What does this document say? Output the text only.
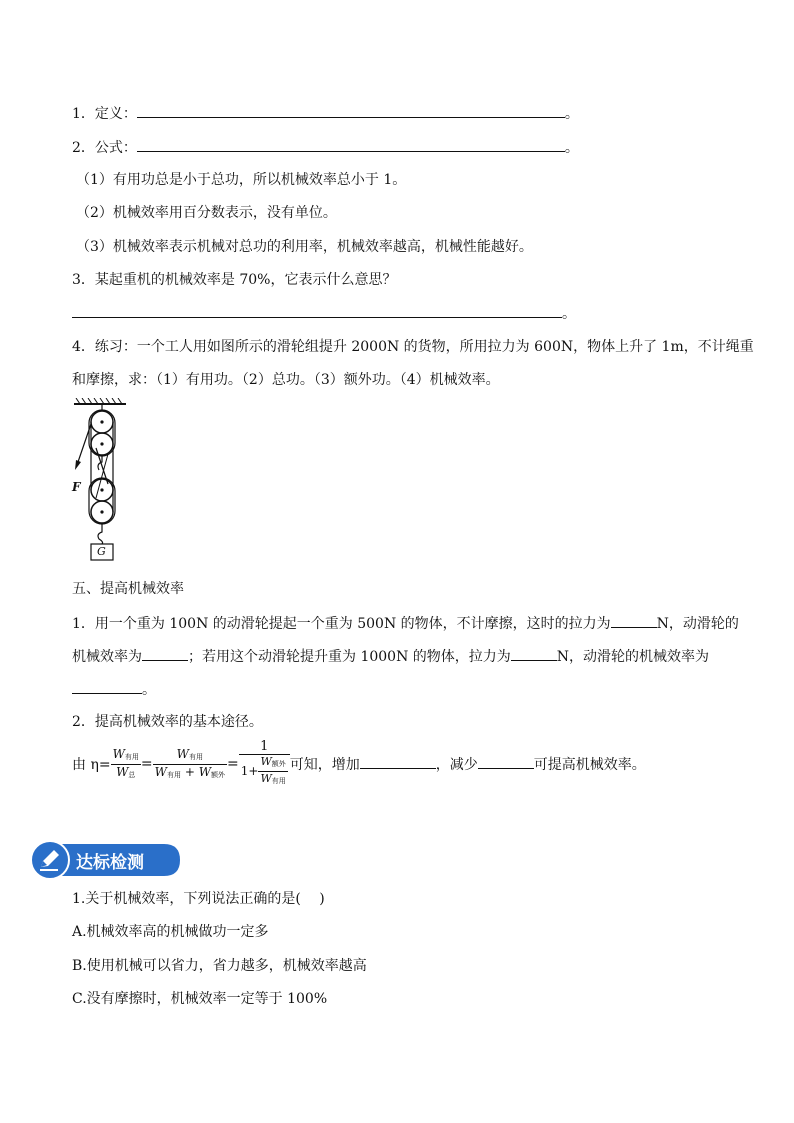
1．定义：	。
2．公式：	。
（1）有用功总是小于总功，所以机械效率总小于 1。
（2）机械效率用百分数表示，没有单位。
（3）机械效率表示机械对总功的利用率，机械效率越高，机械性能越好。
3．某起重机的机械效率是 70%，它表示什么意思？
。
4．练习：一个工人用如图所示的滑轮组提升 2000N 的货物，所用拉力为 600N，物体上升了 1m，不计绳重
和摩擦，求：（1）有用功。（2）总功。（3）额外功。（4）机械效率。
F
G
五、提高机械效率
1．用一个重为 100N 的动滑轮提起一个重为 500N 的物体，不计摩擦，这时的拉力为	N，动滑轮的
机械效率为	；若用这个动滑轮提升重为 1000N 的物体，拉力为	N，动滑轮的机械效率为
。
2．提高机械效率的基本途径。
由 $\eta= \frac{W_{有用}}{W_总} = \frac{W_{有用}}{W_{有用} + W_{额外}} = \frac{1}{1+ \frac{W_{额外}}{W_{有用}}}$ 可知，增加	，减少	可提高机械效率。
达标检测
1.关于机械效率，下列说法正确的是(　 )
A.机械效率高的机械做功一定多
B.使用机械可以省力，省力越多，机械效率越高
C.没有摩擦时，机械效率一定等于 100%
